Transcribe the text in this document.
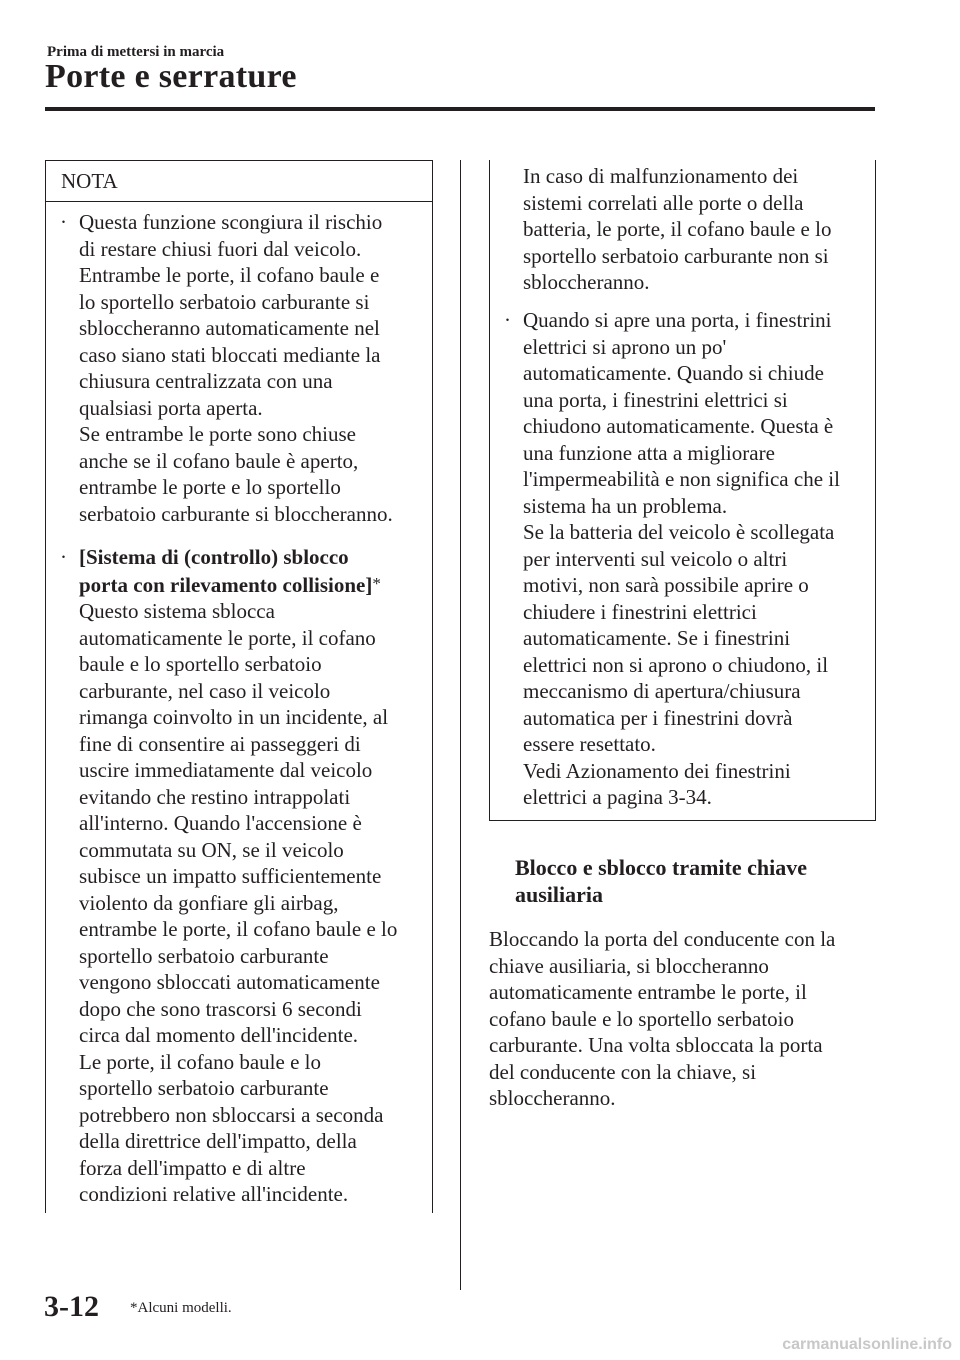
Prima di mettersi in marcia
Porte e serrature
NOTA
· Questa funzione scongiura il rischio
di restare chiusi fuori dal veicolo.
Entrambe le porte, il cofano baule e
lo sportello serbatoio carburante si
sbloccheranno automaticamente nel
caso siano stati bloccati mediante la
chiusura centralizzata con una
qualsiasi porta aperta.
Se entrambe le porte sono chiuse
anche se il cofano baule è aperto,
entrambe le porte e lo sportello
serbatoio carburante si bloccheranno.
· [Sistema di (controllo) sblocco
porta con rilevamento collisione]*
Questo sistema sblocca
automaticamente le porte, il cofano
baule e lo sportello serbatoio
carburante, nel caso il veicolo
rimanga coinvolto in un incidente, al
fine di consentire ai passeggeri di
uscire immediatamente dal veicolo
evitando che restino intrappolati
all'interno. Quando l'accensione è
commutata su ON, se il veicolo
subisce un impatto sufficientemente
violento da gonfiare gli airbag,
entrambe le porte, il cofano baule e lo
sportello serbatoio carburante
vengono sbloccati automaticamente
dopo che sono trascorsi 6 secondi
circa dal momento dell'incidente.
Le porte, il cofano baule e lo
sportello serbatoio carburante
potrebbero non sbloccarsi a seconda
della direttrice dell'impatto, della
forza dell'impatto e di altre
condizioni relative all'incidente.
In caso di malfunzionamento dei
sistemi correlati alle porte o della
batteria, le porte, il cofano baule e lo
sportello serbatoio carburante non si
sbloccheranno.
· Quando si apre una porta, i finestrini
elettrici si aprono un po'
automaticamente. Quando si chiude
una porta, i finestrini elettrici si
chiudono automaticamente. Questa è
una funzione atta a migliorare
l'impermeabilità e non significa che il
sistema ha un problema.
Se la batteria del veicolo è scollegata
per interventi sul veicolo o altri
motivi, non sarà possibile aprire o
chiudere i finestrini elettrici
automaticamente. Se i finestrini
elettrici non si aprono o chiudono, il
meccanismo di apertura/chiusura
automatica per i finestrini dovrà
essere resettato.
Vedi Azionamento dei finestrini
elettrici a pagina 3-34.
Blocco e sblocco tramite chiave
ausiliaria
Bloccando la porta del conducente con la
chiave ausiliaria, si bloccheranno
automaticamente entrambe le porte, il
cofano baule e lo sportello serbatoio
carburante. Una volta sbloccata la porta
del conducente con la chiave, si
sbloccheranno.
3-12 *Alcuni modelli.
carmanualsonline.info
